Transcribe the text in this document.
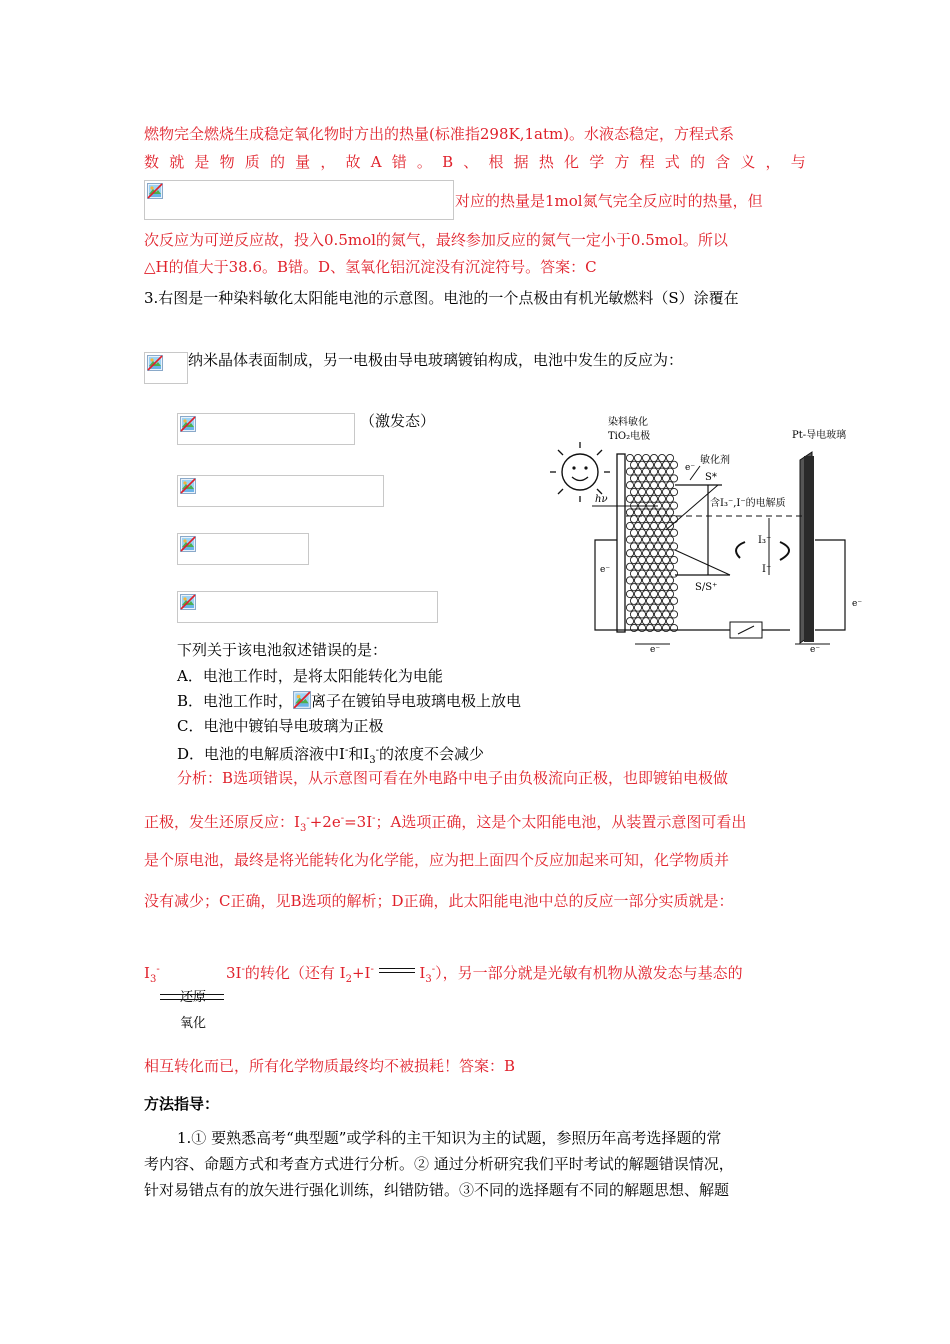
燃物完全燃烧生成稳定氧化物时方出的热量(标准指298K,1atm)。水液态稳定，方程式系
数 就 是 物 质 的 量 ， 故 A 错 。 B 、 根 据 热 化 学 方 程 式 的 含 义 ， 与
对应的热量是1mol氮气完全反应时的热量，但
次反应为可逆反应故，投入0.5mol的氮气，最终参加反应的氮气一定小于0.5mol。所以
△H的值大于38.6。B错。D、氢氧化铝沉淀没有沉淀符号。答案：C
3.右图是一种染料敏化太阳能电池的示意图。电池的一个点极由有机光敏燃料（S）涂覆在
纳米晶体表面制成，另一电极由导电玻璃镀铂构成，电池中发生的反应为：
（激发态）	染料敏化
TiO₂电极	Pt-导电玻璃
S*
敏化剂
S/S⁺
含I₃⁻,I⁻的电解质
I₃⁻
I⁻
hν
e⁻
e⁻
e⁻
e⁻	e⁻
下列关于该电池叙述错误的是：
A．电池工作时，是将太阳能转化为电能
B．电池工作时， 离子在镀铂导电玻璃电极上放电
C．电池中镀铂导电玻璃为正极
D．电池的电解质溶液中I-和$I_3^-$的浓度不会减少
分析：B选项错误，从示意图可看在外电路中电子由负极流向正极，也即镀铂电极做
正极，发生还原反应：$I_3^-+2e^-=3I^-$；A选项正确，这是个太阳能电池，从装置示意图可看出
是个原电池，最终是将光能转化为化学能，应为把上面四个反应加起来可知，化学物质并
没有减少；C正确，见B选项的解析；D正确，此太阳能电池中总的反应一部分实质就是：
$I_3^-$	3I-的转化（还有 $I_2+I^-$	$I_3^-$），另一部分就是光敏有机物从激发态与基态的
还原
氧化
相互转化而已，所有化学物质最终均不被损耗！答案：B
方法指导：
1.① 要熟悉高考“典型题”或学科的主干知识为主的试题，参照历年高考选择题的常
考内容、命题方式和考查方式进行分析。② 通过分析研究我们平时考试的解题错误情况，
针对易错点有的放矢进行强化训练，纠错防错。③不同的选择题有不同的解题思想、解题
